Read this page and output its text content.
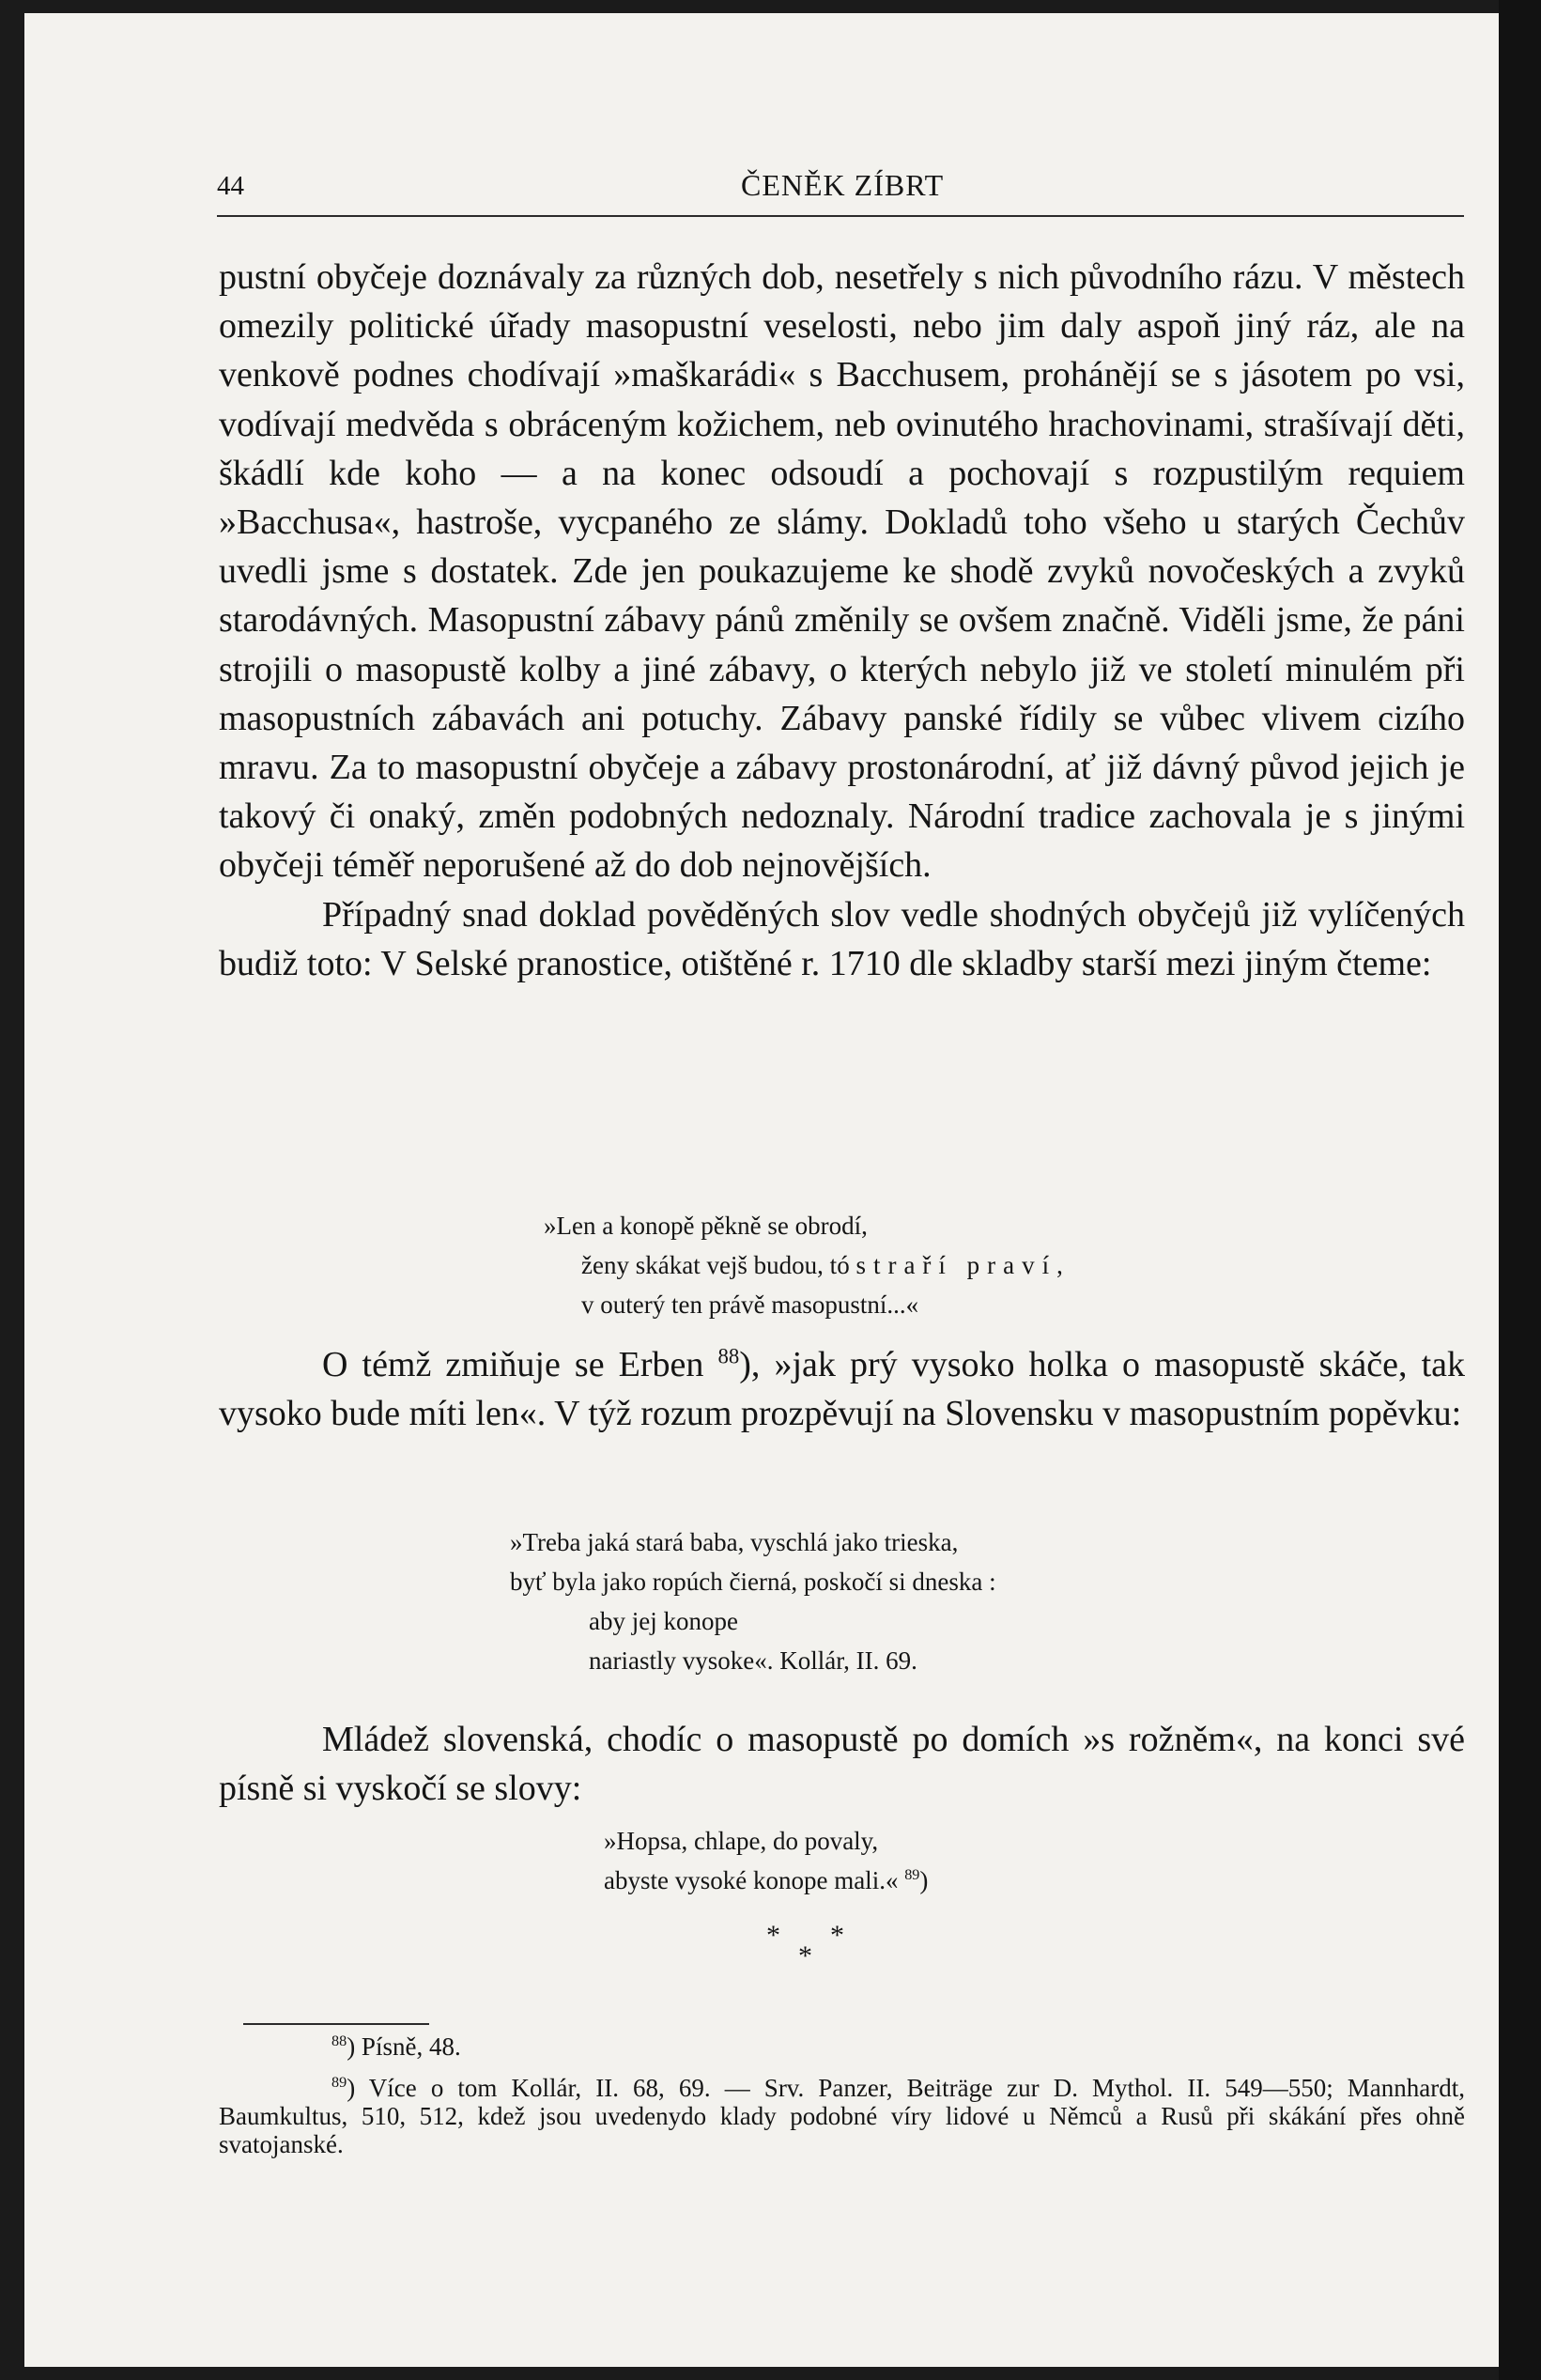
44	ČENĚK ZÍBRT

pustní obyčeje doznávaly za různých dob, nesetřely s nich původního rázu. V městech omezily politické úřady masopustní veselosti, nebo jim daly aspoň jiný ráz, ale na venkově podnes chodívají »maškarádi« s Bacchusem, prohánějí se s jásotem po vsi, vodívají medvěda s obráceným kožichem, neb ovinutého hrachovinami, strašívají děti, škádlí kde koho — a na konec odsoudí a pochovají s rozpustilým requiem »Bacchusa«, hastroše, vycpaného ze slámy. Dokladů toho všeho u starých Čechův uvedli jsme s dostatek. Zde jen poukazujeme ke shodě zvyků novočeských a zvyků starodávných. Masopustní zábavy pánů změnily se ovšem značně. Viděli jsme, že páni strojili o masopustě kolby a jiné zábavy, o kterých nebylo již ve století minulém při masopustních zábavách ani potuchy. Zábavy panské řídily se vůbec vlivem cizího mravu. Za to masopustní obyčeje a zábavy prostonárodní, ať již dávný původ jejich je takový či onaký, změn podobných nedoznaly. Národní tradice zachovala je s jinými obyčeji téměř neporušené až do dob nejnovějších.

Případný snad doklad pověděných slov vedle shodných obyčejů již vylíčených budiž toto: V Selské pranostice, otištěné r. 1710 dle skladby starší mezi jiným čteme:

»Len a konopě pěkně se obrodí,
ženy skákat vejš budou, tó straří praví,
v outerý ten právě masopustní...«

O témž zmiňuje se Erben $^{88}$), »jak prý vysoko holka o masopustě skáče, tak vysoko bude míti len«. V týž rozum prozpěvují na Slovensku v masopustním popěvku:

»Treba jaká stará baba, vyschlá jako trieska,
byť byla jako ropúch čierná, poskočí si dneska :
aby jej konope
nariastly vysoke«. Kollár, II. 69.

Mládež slovenská, chodíc o masopustě po domích »s rožněm«, na konci své písně si vyskočí se slovy:

»Hopsa, chlape, do povaly,
abyste vysoké konope mali.« $^{89}$)
* *
*

$^{88}$) Písně, 48.

$^{89}$) Více o tom Kollár, II. 68, 69. — Srv. Panzer, Beiträge zur D. Mythol. II. 549—550; Mannhardt, Baumkultus, 510, 512, kdež jsou uvedenydo klady podobné víry lidové u Němců a Rusů při skákání přes ohně svatojanské.
